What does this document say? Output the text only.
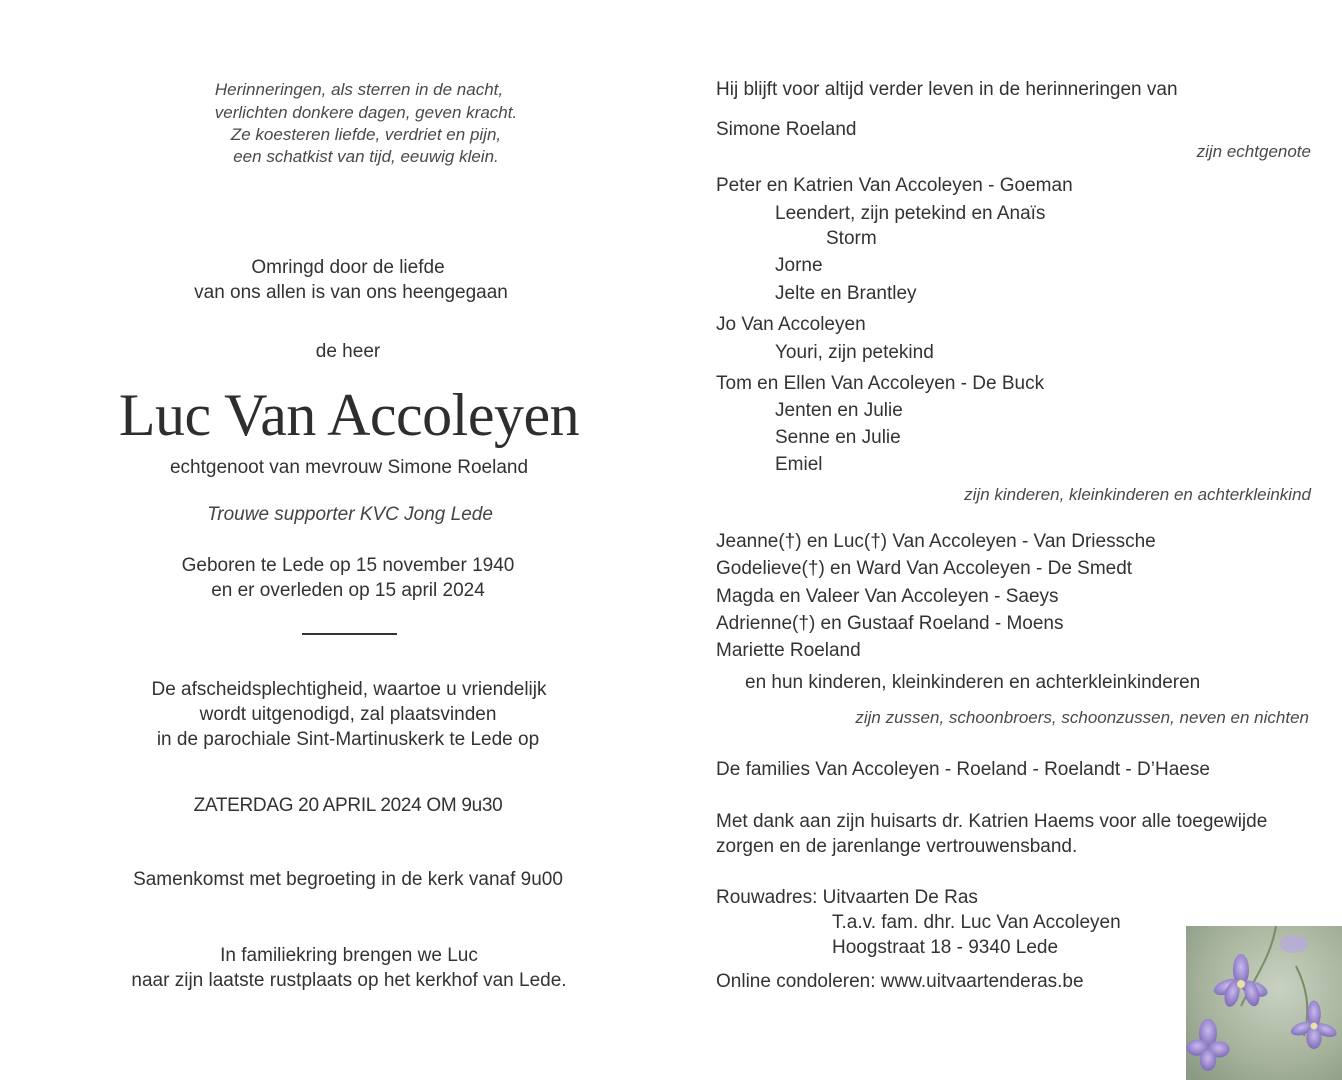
Herinneringen, als sterren in de nacht,
verlichten donkere dagen, geven kracht.
Ze koesteren liefde, verdriet en pijn,
een schatkist van tijd, eeuwig klein.
Omringd door de liefde
van ons allen is van ons heengegaan
de heer
Luc Van Accoleyen
echtgenoot van mevrouw Simone Roeland
Trouwe supporter KVC Jong Lede
Geboren te Lede op 15 november 1940
en er overleden op 15 april 2024
De afscheidsplechtigheid, waartoe u vriendelijk
wordt uitgenodigd, zal plaatsvinden
in de parochiale Sint-Martinuskerk te Lede op
ZATERDAG 20 APRIL 2024 OM 9u30
Samenkomst met begroeting in de kerk vanaf 9u00
In familiekring brengen we Luc
naar zijn laatste rustplaats op het kerkhof van Lede.
Hij blijft voor altijd verder leven in de herinneringen van
Simone Roeland
zijn echtgenote
Peter en Katrien Van Accoleyen - Goeman
Leendert, zijn petekind en Anaïs
Storm
Jorne
Jelte en Brantley
Jo Van Accoleyen
Youri, zijn petekind
Tom en Ellen Van Accoleyen - De Buck
Jenten en Julie
Senne en Julie
Emiel
zijn kinderen, kleinkinderen en achterkleinkind
Jeanne(†) en Luc(†) Van Accoleyen - Van Driessche
Godelieve(†) en Ward Van Accoleyen - De Smedt
Magda en Valeer Van Accoleyen - Saeys
Adrienne(†) en Gustaaf Roeland - Moens
Mariette Roeland
en hun kinderen, kleinkinderen en achterkleinkinderen
zijn zussen, schoonbroers, schoonzussen, neven en nichten
De families Van Accoleyen - Roeland - Roelandt - D’Haese
Met dank aan zijn huisarts dr. Katrien Haems voor alle toegewijde
zorgen en de jarenlange vertrouwensband.
Rouwadres: Uitvaarten De Ras
T.a.v. fam. dhr. Luc Van Accoleyen
Hoogstraat 18 - 9340 Lede
Online condoleren: www.uitvaartenderas.be
